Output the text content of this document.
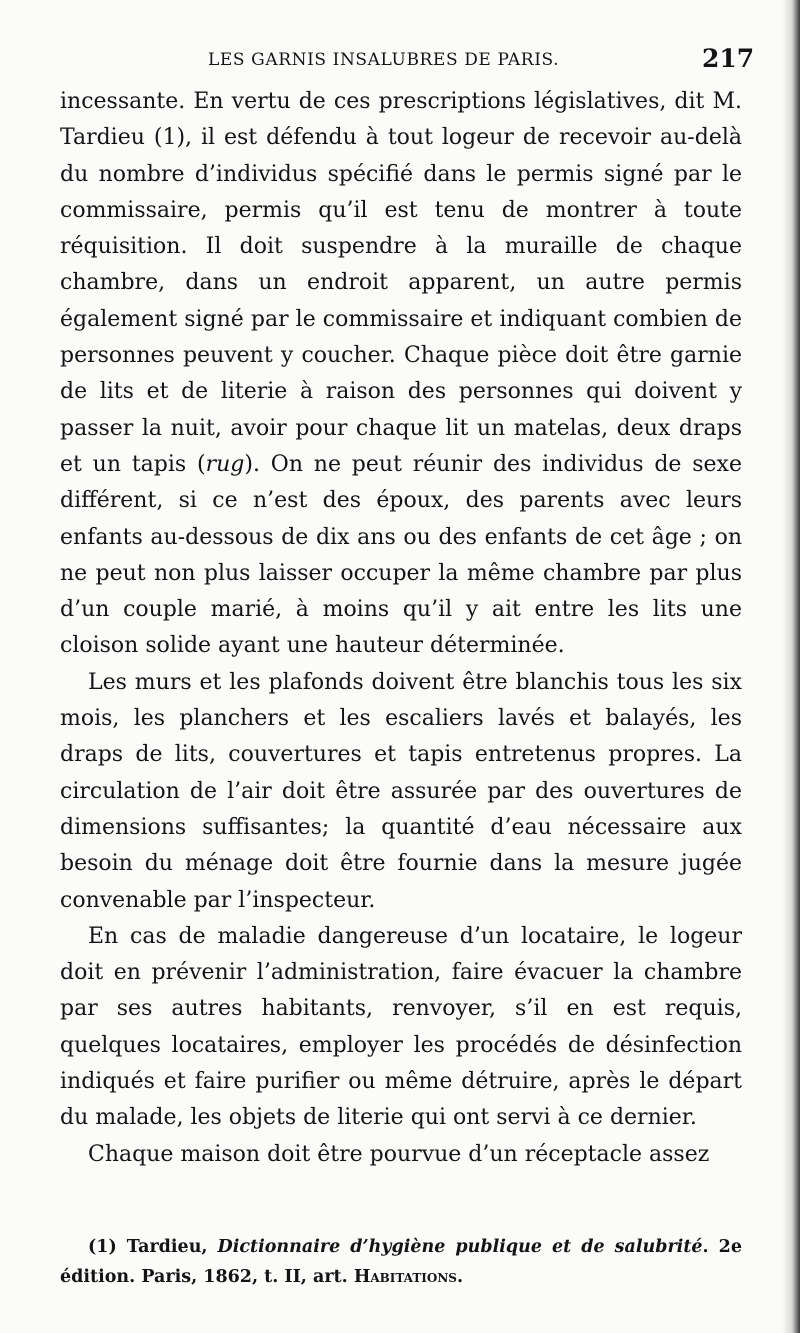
LES GARNIS INSALUBRES DE PARIS.	217

incessante. En vertu de ces prescriptions législatives, dit M. Tardieu (1), il est défendu à tout logeur de recevoir au-delà du nombre d’individus spécifié dans le permis signé par le commissaire, permis qu’il est tenu de montrer à toute réquisition. Il doit suspendre à la muraille de chaque chambre, dans un endroit apparent, un autre permis également signé par le commissaire et indiquant combien de personnes peuvent y coucher. Chaque pièce doit être garnie de lits et de literie à raison des personnes qui doivent y passer la nuit, avoir pour chaque lit un matelas, deux draps et un tapis (rug). On ne peut réunir des individus de sexe différent, si ce n’est des époux, des parents avec leurs enfants au-dessous de dix ans ou des enfants de cet âge ; on ne peut non plus laisser occuper la même chambre par plus d’un couple marié, à moins qu’il y ait entre les lits une cloison solide ayant une hauteur déterminée.

Les murs et les plafonds doivent être blanchis tous les six mois, les planchers et les escaliers lavés et balayés, les draps de lits, couvertures et tapis entretenus propres. La circulation de l’air doit être assurée par des ouvertures de dimensions suffisantes; la quantité d’eau nécessaire aux besoin du ménage doit être fournie dans la mesure jugée convenable par l’inspecteur.

En cas de maladie dangereuse d’un locataire, le logeur doit en prévenir l’administration, faire évacuer la chambre par ses autres habitants, renvoyer, s’il en est requis, quelques locataires, employer les procédés de désinfection indiqués et faire purifier ou même détruire, après le départ du malade, les objets de literie qui ont servi à ce dernier.

Chaque maison doit être pourvue d’un réceptacle assez

(1) Tardieu, Dictionnaire d’hygiène publique et de salubrité. 2e édition. Paris, 1862, t. II, art. Habitations.
